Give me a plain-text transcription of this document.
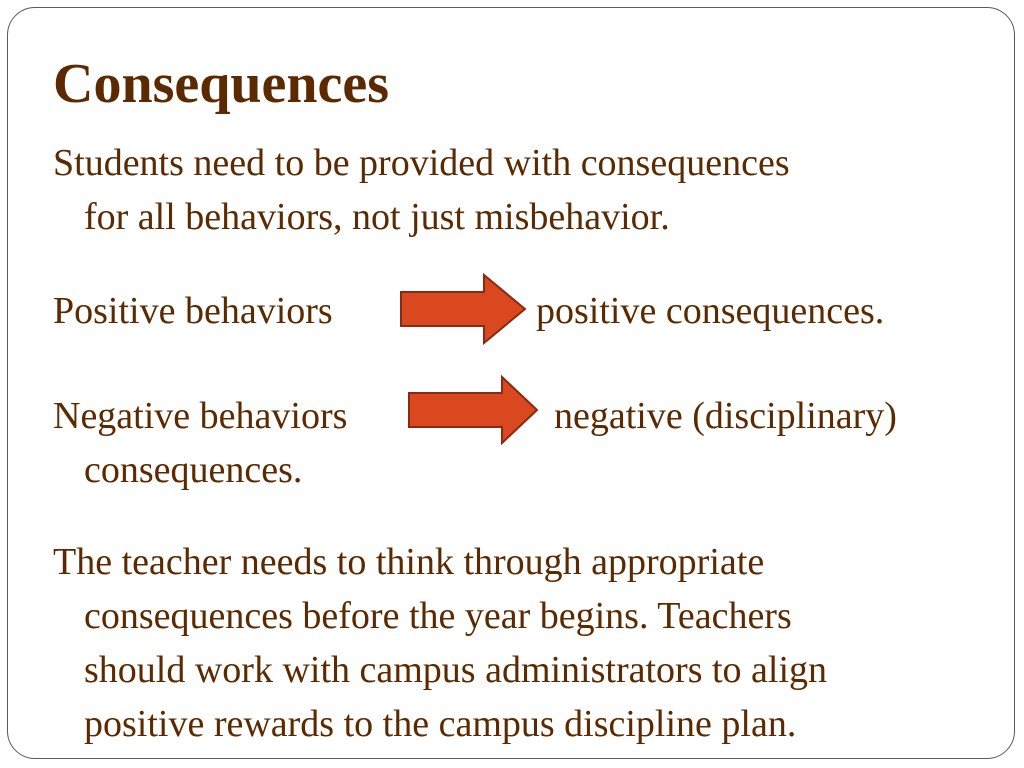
Consequences

Students need to be provided with consequences

for all behaviors, not just misbehavior.

Positive behaviors	positive consequences.

Negative behaviors	negative (disciplinary)

consequences.

The teacher needs to think through appropriate

consequences before the year begins. Teachers

should work with campus administrators to align

positive rewards to the campus discipline plan.
